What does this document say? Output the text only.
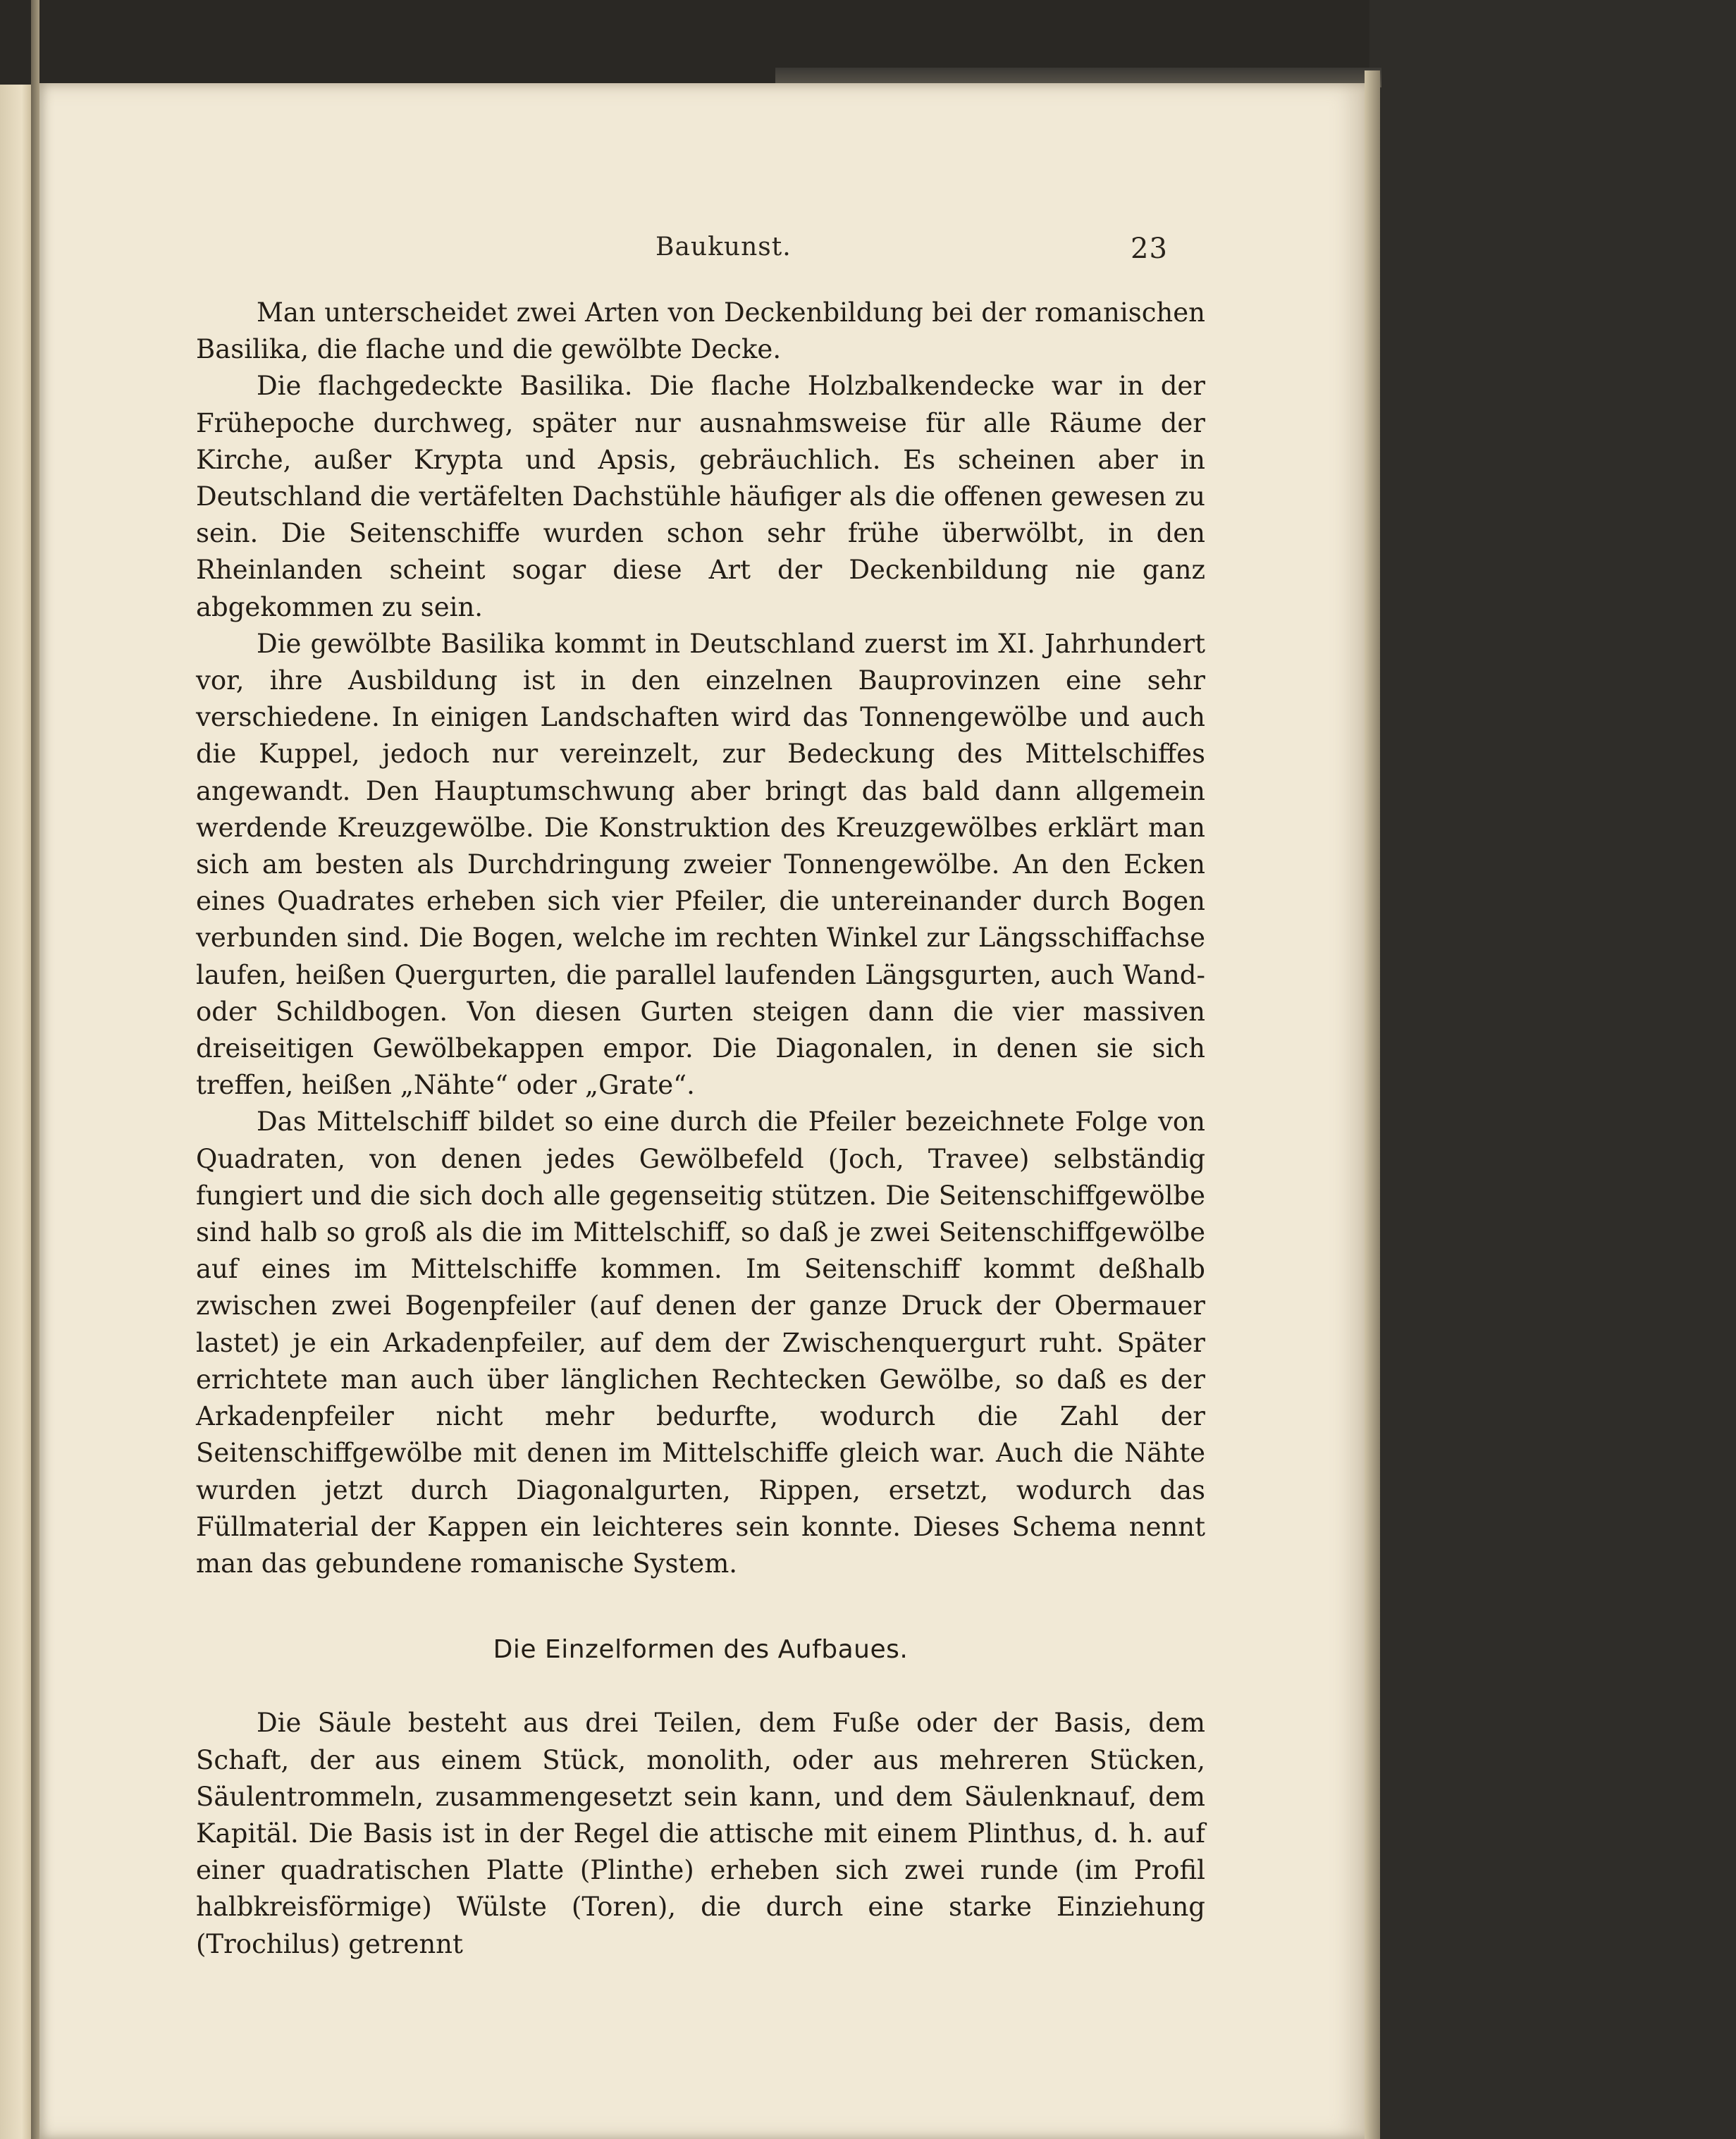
Baukunst.	23

Man unterscheidet zwei Arten von Deckenbildung bei der romanischen Basilika, die flache und die gewölbte Decke.

Die flachgedeckte Basilika. Die flache Holzbalkendecke war in der Frühepoche durchweg, später nur ausnahmsweise für alle Räume der Kirche, außer Krypta und Apsis, gebräuchlich. Es scheinen aber in Deutschland die vertäfelten Dachstühle häufiger als die offenen gewesen zu sein. Die Seitenschiffe wurden schon sehr frühe überwölbt, in den Rheinlanden scheint sogar diese Art der Deckenbildung nie ganz abgekommen zu sein.

Die gewölbte Basilika kommt in Deutschland zuerst im XI. Jahrhundert vor, ihre Ausbildung ist in den einzelnen Bauprovinzen eine sehr verschiedene. In einigen Landschaften wird das Tonnengewölbe und auch die Kuppel, jedoch nur vereinzelt, zur Bedeckung des Mittelschiffes angewandt. Den Hauptumschwung aber bringt das bald dann allgemein werdende Kreuzgewölbe. Die Konstruktion des Kreuzgewölbes erklärt man sich am besten als Durchdringung zweier Tonnengewölbe. An den Ecken eines Quadrates erheben sich vier Pfeiler, die untereinander durch Bogen verbunden sind. Die Bogen, welche im rechten Winkel zur Längsschiffachse laufen, heißen Quergurten, die parallel laufenden Längsgurten, auch Wand- oder Schildbogen. Von diesen Gurten steigen dann die vier massiven dreiseitigen Gewölbekappen empor. Die Diagonalen, in denen sie sich treffen, heißen „Nähte“ oder „Grate“.

Das Mittelschiff bildet so eine durch die Pfeiler bezeichnete Folge von Quadraten, von denen jedes Gewölbefeld (Joch, Travee) selbständig fungiert und die sich doch alle gegenseitig stützen. Die Seitenschiffgewölbe sind halb so groß als die im Mittelschiff, so daß je zwei Seitenschiffgewölbe auf eines im Mittelschiffe kommen. Im Seitenschiff kommt deßhalb zwischen zwei Bogenpfeiler (auf denen der ganze Druck der Obermauer lastet) je ein Arkadenpfeiler, auf dem der Zwischenquergurt ruht. Später errichtete man auch über länglichen Rechtecken Gewölbe, so daß es der Arkadenpfeiler nicht mehr bedurfte, wodurch die Zahl der Seitenschiffgewölbe mit denen im Mittelschiffe gleich war. Auch die Nähte wurden jetzt durch Diagonalgurten, Rippen, ersetzt, wodurch das Füllmaterial der Kappen ein leichteres sein konnte. Dieses Schema nennt man das gebundene romanische System.

Die Einzelformen des Aufbaues.

Die Säule besteht aus drei Teilen, dem Fuße oder der Basis, dem Schaft, der aus einem Stück, monolith, oder aus mehreren Stücken, Säulentrommeln, zusammengesetzt sein kann, und dem Säulenknauf, dem Kapitäl. Die Basis ist in der Regel die attische mit einem Plinthus, d. h. auf einer quadratischen Platte (Plinthe) erheben sich zwei runde (im Profil halbkreisförmige) Wülste (Toren), die durch eine starke Einziehung (Trochilus) getrennt
